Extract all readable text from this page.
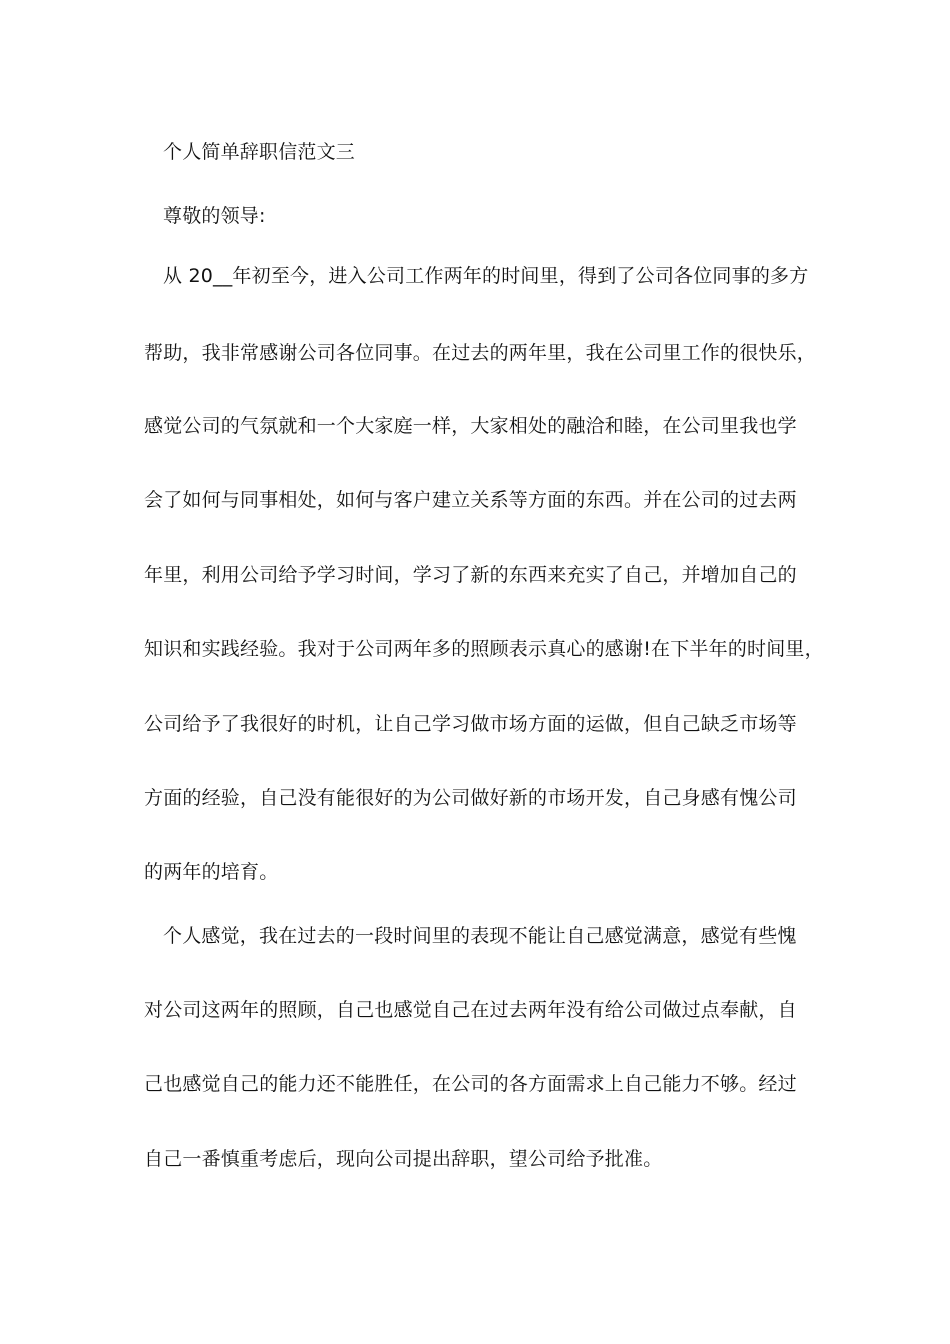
个人简单辞职信范文三
尊敬的领导:
从 20__年初至今，进入公司工作两年的时间里，得到了公司各位同事的多方
帮助，我非常感谢公司各位同事。在过去的两年里，我在公司里工作的很快乐，
感觉公司的气氛就和一个大家庭一样，大家相处的融洽和睦，在公司里我也学
会了如何与同事相处，如何与客户建立关系等方面的东西。并在公司的过去两
年里，利用公司给予学习时间，学习了新的东西来充实了自己，并增加自己的
知识和实践经验。我对于公司两年多的照顾表示真心的感谢!在下半年的时间里，
公司给予了我很好的时机，让自己学习做市场方面的运做，但自己缺乏市场等
方面的经验，自己没有能很好的为公司做好新的市场开发，自己身感有愧公司
的两年的培育。
个人感觉，我在过去的一段时间里的表现不能让自己感觉满意，感觉有些愧
对公司这两年的照顾，自己也感觉自己在过去两年没有给公司做过点奉献，自
己也感觉自己的能力还不能胜任，在公司的各方面需求上自己能力不够。经过
自己一番慎重考虑后，现向公司提出辞职，望公司给予批准。
